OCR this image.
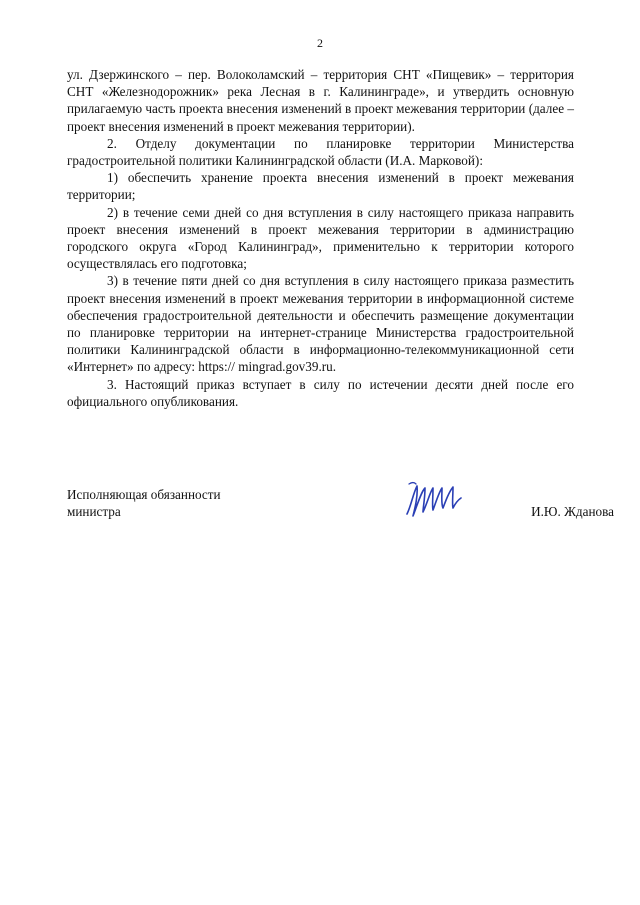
2

ул. Дзержинского – пер. Волоколамский – территория СНТ «Пищевик» – территория СНТ «Железнодорожник» река Лесная в г. Калининграде», и утвердить основную прилагаемую часть проекта внесения изменений в проект межевания территории (далее – проект внесения изменений в проект межевания территории).

2. Отделу документации по планировке территории Министерства градостроительной политики Калининградской области (И.А. Марковой):

1) обеспечить хранение проекта внесения изменений в проект межевания территории;

2) в течение семи дней со дня вступления в силу настоящего приказа направить проект внесения изменений в проект межевания территории в администрацию городского округа «Город Калининград», применительно к территории которого осуществлялась его подготовка;

3) в течение пяти дней со дня вступления в силу настоящего приказа разместить проект внесения изменений в проект межевания территории в информационной системе обеспечения градостроительной деятельности и обеспечить размещение документации по планировке территории на интернет-странице Министерства градостроительной политики Калининградской области в информационно-телекоммуникационной сети «Интернет» по адресу: https:// mingrad.gov39.ru.

3. Настоящий приказ вступает в силу по истечении десяти дней после его официального опубликования.

Исполняющая обязанности
министра	И.Ю. Жданова
